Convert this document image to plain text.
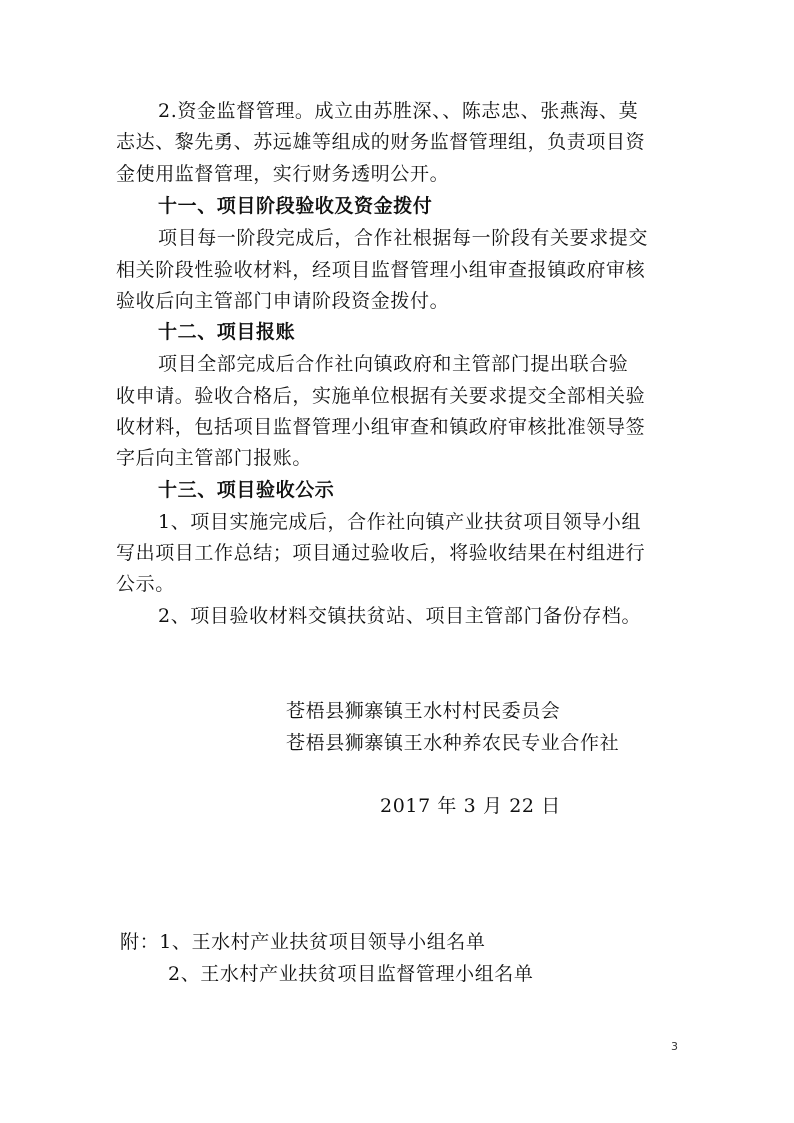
2.资金监督管理。成立由苏胜深、、陈志忠、张燕海、莫
志达、黎先勇、苏远雄等组成的财务监督管理组，负责项目资
金使用监督管理，实行财务透明公开。
十一、项目阶段验收及资金拨付
项目每一阶段完成后，合作社根据每一阶段有关要求提交
相关阶段性验收材料，经项目监督管理小组审查报镇政府审核
验收后向主管部门申请阶段资金拨付。
十二、项目报账
项目全部完成后合作社向镇政府和主管部门提出联合验
收申请。验收合格后，实施单位根据有关要求提交全部相关验
收材料，包括项目监督管理小组审查和镇政府审核批准领导签
字后向主管部门报账。
十三、项目验收公示
1、项目实施完成后，合作社向镇产业扶贫项目领导小组
写出项目工作总结；项目通过验收后，将验收结果在村组进行
公示。
2、项目验收材料交镇扶贫站、项目主管部门备份存档。
苍梧县狮寨镇王水村村民委员会
苍梧县狮寨镇王水种养农民专业合作社
2017 年 3 月 22 日
附：1、王水村产业扶贫项目领导小组名单
2、王水村产业扶贫项目监督管理小组名单
3
